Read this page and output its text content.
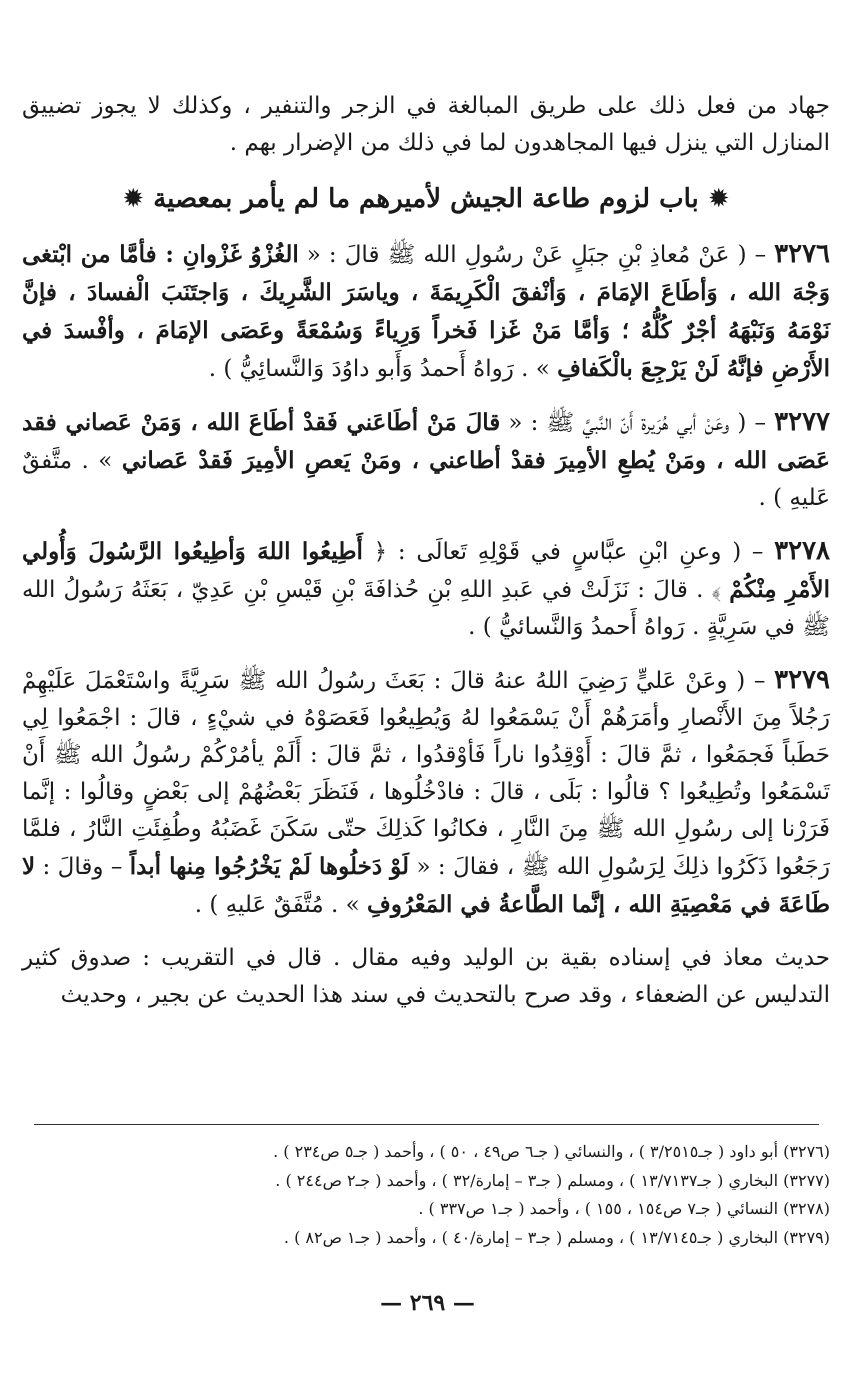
جهاد من فعل ذلك على طريق المبالغة في الزجر والتنفير ، وكذلك لا يجوز تضييق المنازل التي ينزل فيها المجاهدون لما في ذلك من الإضرار بهم .

✹ باب لزوم طاعة الجيش لأميرهم ما لم يأمر بمعصية ✹

٣٢٧٦ – ( عَنْ مُعاذِ بْنِ جبَلٍ عَنْ رسُولِ الله ﷺ قالَ : « الغُزْوُ غَزْوانِ : فأمَّا من ابْتغى وَجْهَ الله ، وَأطَاعَ الإمَامَ ، وَأنْفقَ الْكَرِيمَةَ ، وياسَرَ الشَّرِيكَ ، وَاجتَنَبَ الْفسادَ ، فإنَّ نَوْمَهُ وَنَبْهَهُ أجْرٌ كُلُّهُ ؛ وَأمَّا مَنْ غَزا فَخراً وَرِياءً وَسُمْعَةً وعَصَى الإمَامَ ، وأفْسدَ في الأَرْضِ فإنَّهُ لَنْ يَرْجِعَ بالْكَفافِ » . رَواهُ أَحمدُ وَأَبو داوُدَ وَالنَّسائِيُّ ) .

٣٢٧٧ – ( وعَنْ أبي هُرَيرة أَنّ النَّبيَّ ﷺ : « قالَ مَنْ أطَاعَني فَقدْ أطَاعَ الله ، وَمَنْ عَصاني فقد عَصَى الله ، ومَنْ يُطعِ الأمِيرَ فقدْ أطاعني ، ومَنْ يَعصِ الأمِيرَ فَقدْ عَصاني » . متَّفقٌ عَليهِ ) .

٣٢٧٨ – ( وعنِ ابْنِ عبَّاسٍ في قَوْلِهِ تَعالَى : ﴿ أَطِيعُوا اللهَ وَأطِيعُوا الرَّسُولَ وَأُولي الأَمْرِ مِنْكُمْ ﴾ . قالَ : نَزَلَتْ في عَبدِ اللهِ بْنِ حُذافَةَ بْنِ قَيْسِ بْنِ عَدِيّ ، بَعَثَهُ رَسُولُ الله ﷺ في سَرِيَّةٍ . رَواهُ أَحمدُ وَالنَّسائيُّ ) .

٣٢٧٩ – ( وعَنْ عَليٍّ رَضِيَ اللهُ عنهُ قالَ : بَعَثَ رسُولُ الله ﷺ سَرِيَّةً واسْتَعْمَلَ عَلَيْهِمْ رَجُلاً مِنَ الأَنْصارِ وأمَرَهُمْ أَنْ يَسْمَعُوا لهُ وَيُطِيعُوا فَعَصَوْهُ في شيْءٍ ، قالَ : اجْمَعُوا لِي حَطَباً فَجمَعُوا ، ثمَّ قالَ : أَوْقِدُوا ناراً فَأوْقدُوا ، ثمَّ قالَ : أَلَمْ يأمُرْكُمْ رسُولُ الله ﷺ أَنْ تَسْمَعُوا وتُطِيعُوا ؟ قالُوا : بَلَى ، قالَ : فادْخُلُوها ، فَنَظَرَ بَعْضُهُمْ إلى بَعْضٍ وقالُوا : إنَّما فَرَرْنا إلى رسُولِ الله ﷺ مِنَ النَّارِ ، فكانُوا كَذلِكَ حتّى سَكَنَ غَضَبُهُ وطُفِئَتِ النَّارُ ، فلمَّا رَجَعُوا ذَكَرُوا ذلِكَ لِرَسُولِ الله ﷺ ، فقالَ : « لَوْ دَخلُوها لَمْ يَخْرُجُوا مِنها أبداً – وقالَ : لا طَاعَةَ في مَعْصِيَةِ الله ، إنَّما الطَّاعةُ في المَعْرُوفِ » . مُتَّفَقٌ عَليهِ ) .

حديث معاذ في إسناده بقية بن الوليد وفيه مقال . قال في التقريب : صدوق كثير التدليس عن الضعفاء ، وقد صرح بالتحديث في سند هذا الحديث عن بجير ، وحديث

(٣٢٧٦) أبو داود ( جـ٣/٢٥١٥ ) ، والنسائي ( جـ٦ ص٤٩ ، ٥٠ ) ، وأحمد ( جـ٥ ص٢٣٤ ) .

(٣٢٧٧) البخاري ( جـ١٣/٧١٣٧ ) ، ومسلم ( جـ٣ – إمارة/٣٢ ) ، وأحمد ( جـ٢ ص٢٤٤ ) .

(٣٢٧٨) النسائي ( جـ٧ ص١٥٤ ، ١٥٥ ) ، وأحمد ( جـ١ ص٣٣٧ ) .

(٣٢٧٩) البخاري ( جـ١٣/٧١٤٥ ) ، ومسلم ( جـ٣ – إمارة/٤٠ ) ، وأحمد ( جـ١ ص٨٢ ) .

— ٢٦٩ —
